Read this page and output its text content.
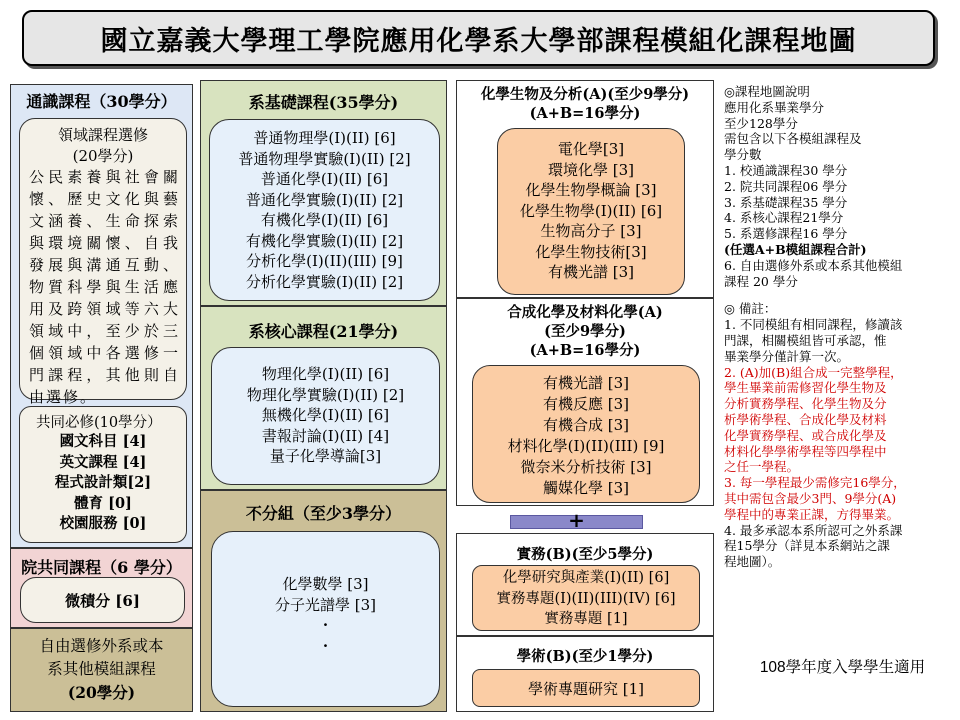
國立嘉義大學理工學院應用化學系大學部課程模組化課程地圖
通識課程（30學分）
領域課程選修
(20學分)
公民素養與社會關懷、歷史文化與藝文涵養、生命探索與環境關懷、自我發展與溝通互動、物質科學與生活應用及跨領域等六大領域中，至少於三個領域中各選修一門課程，其他則自由選修。
共同必修(10學分）
國文科目 [4]
英文課程 [4]
程式設計類[2]
體育 [0]
校園服務 [0]
院共同課程（6 學分）
微積分 [6]
自由選修外系或本
系其他模組課程
(20學分)
系基礎課程(35學分)
普通物理學(I)(II) [6]
普通物理學實驗(I)(II) [2]
普通化學(I)(II) [6]
普通化學實驗(I)(II) [2]
有機化學(I)(II) [6]
有機化學實驗(I)(II) [2]
分析化學(I)(II)(III) [9]
分析化學實驗(I)(II) [2]
系核心課程(21學分)
物理化學(I)(II) [6]
物理化學實驗(I)(II) [2]
無機化學(I)(II) [6]
書報討論(I)(II) [4]
量子化學導論[3]
不分組（至少3學分）
化學數學 [3]
分子光譜學 [3]
·
·
化學生物及分析(A)(至少9學分)
(A+B=16學分)
電化學[3]
環境化學 [3]
化學生物學概論 [3]
化學生物學(I)(II) [6]
生物高分子 [3]
化學生物技術[3]
有機光譜 [3]
合成化學及材料化學(A)
(至少9學分)
(A+B=16學分)
有機光譜 [3]
有機反應 [3]
有機合成 [3]
材料化學(I)(II)(III) [9]
微奈米分析技術 [3]
觸媒化學 [3]
+
實務(B)(至少5學分)
化學研究與產業(I)(II) [6]
實務專題(I)(II)(III)(IV) [6]
實務專題 [1]
學術(B)(至少1學分)
學術專題研究 [1]
◎課程地圖說明
應用化系畢業學分
至少128學分
需包含以下各模組課程及
學分數
1. 校通識課程30 學分
2. 院共同課程06 學分
3. 系基礎課程35 學分
4. 系核心課程21學分
5. 系選修課程16 學分
(任選A+B模組課程合計)
6. 自由選修外系或本系其他模組
課程 20 學分
◎ 備註：
1. 不同模組有相同課程，修讀該
門課，相關模組皆可承認，惟
畢業學分僅計算一次。
2. (A)加(B)組合成一完整學程，
學生畢業前需修習化學生物及
分析實務學程、化學生物及分
析學術學程、合成化學及材料
化學實務學程、或合成化學及
材料化學學術學程等四學程中
之任一學程。
3. 每一學程最少需修完16學分，
其中需包含最少3門、9學分(A)
學程中的專業正課，方得畢業。
4. 最多承認本系所認可之外系課
程15學分（詳見本系網站之課
程地圖）。
108學年度入學學生適用
